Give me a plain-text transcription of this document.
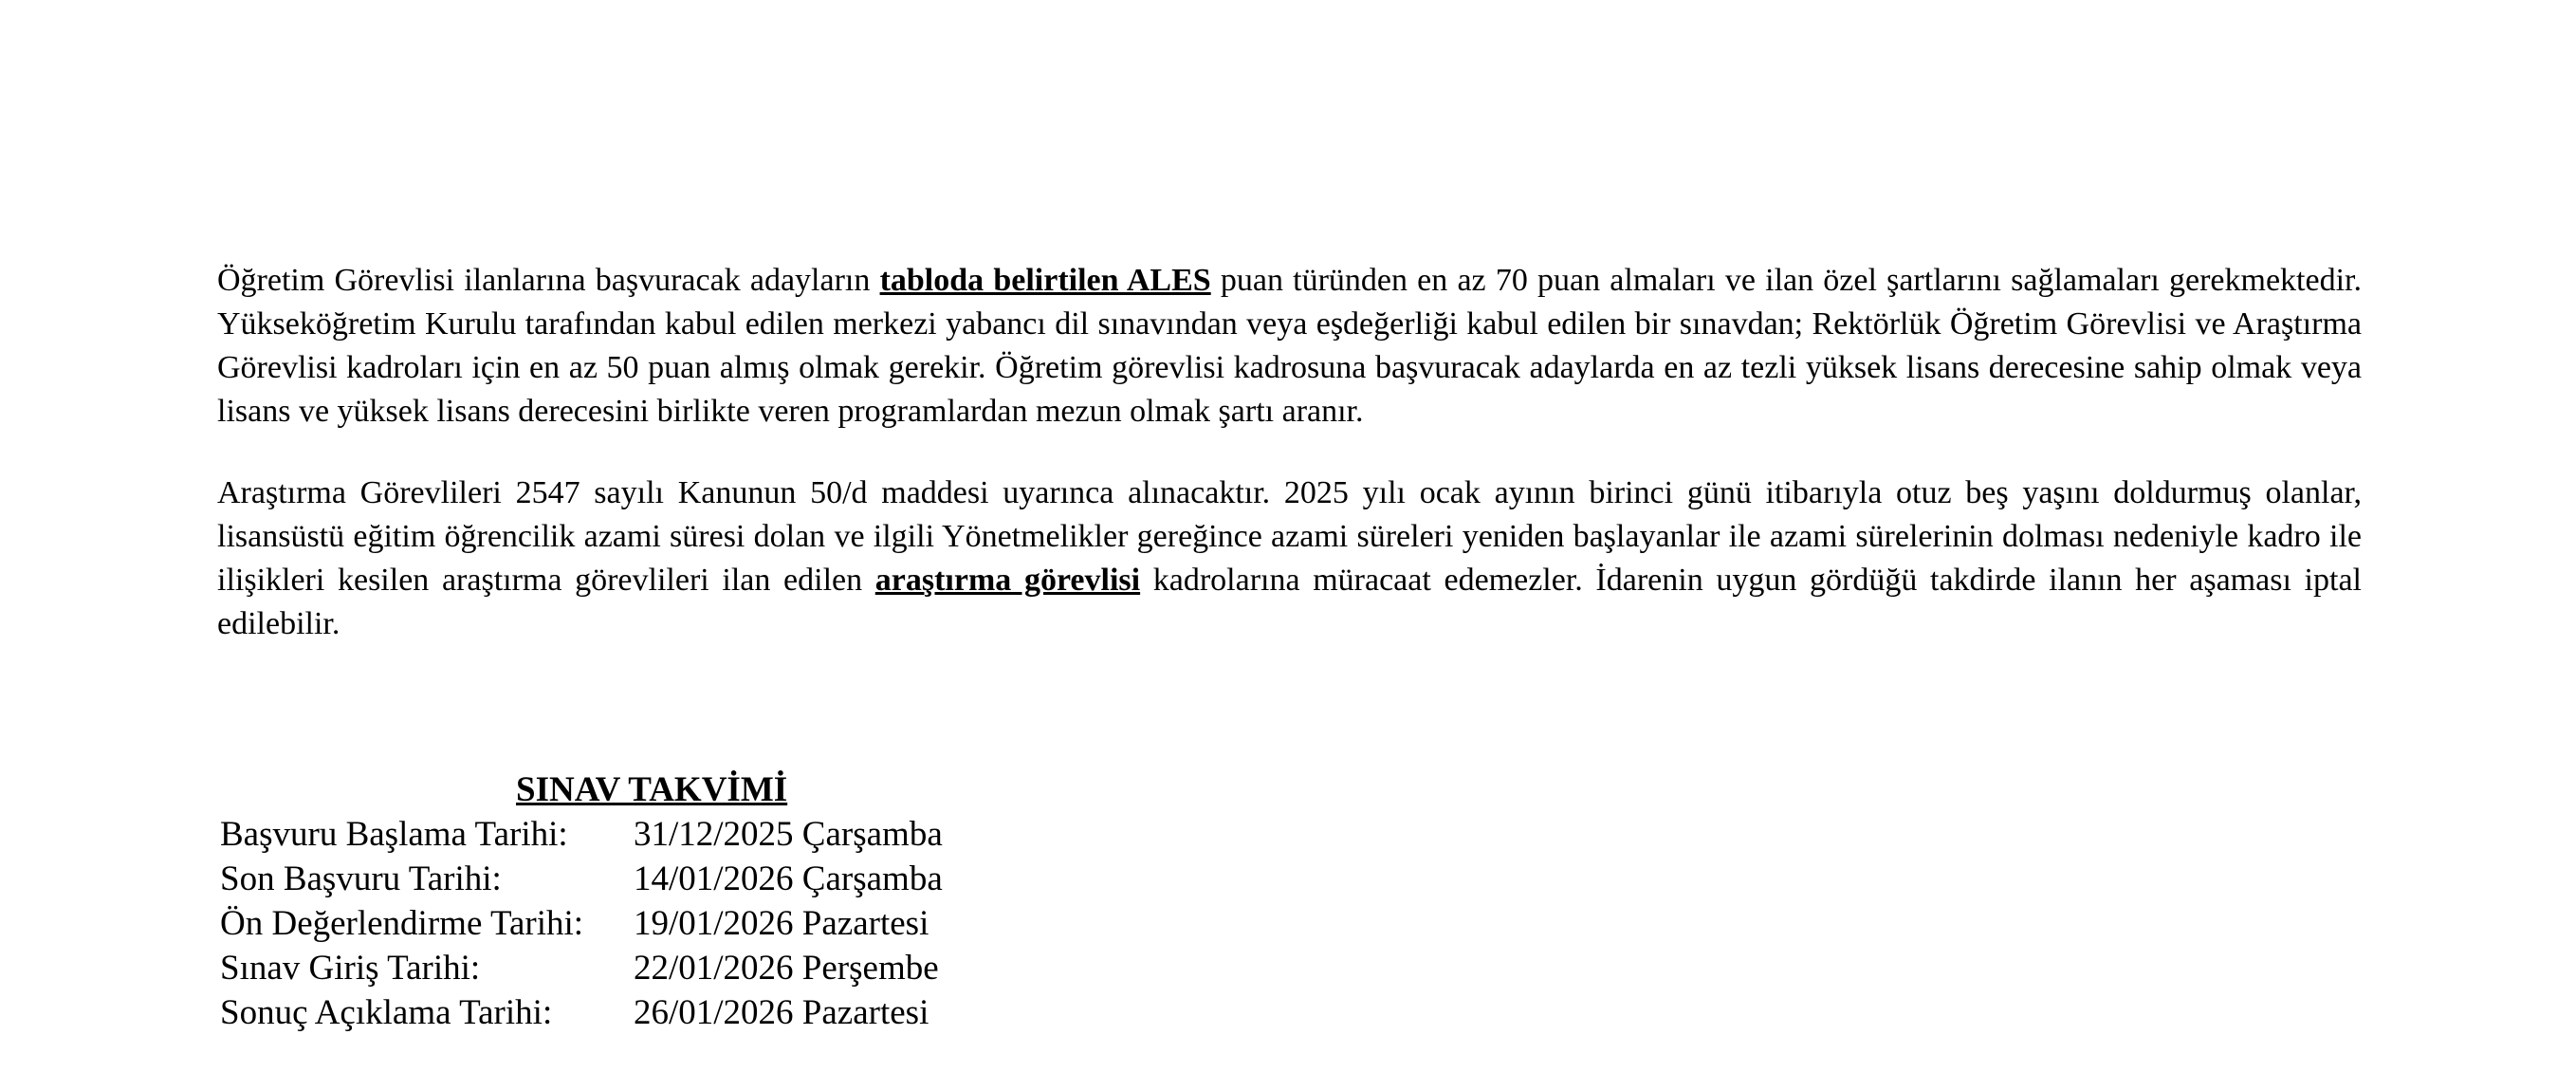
Öğretim Görevlisi ilanlarına başvuracak adayların tabloda belirtilen ALES puan türünden en az 70 puan almaları ve ilan özel şartlarını sağlamaları gerekmektedir. Yükseköğretim Kurulu tarafından kabul edilen merkezi yabancı dil sınavından veya eşdeğerliği kabul edilen bir sınavdan; Rektörlük Öğretim Görevlisi ve Araştırma Görevlisi kadroları için en az 50 puan almış olmak gerekir. Öğretim görevlisi kadrosuna başvuracak adaylarda en az tezli yüksek lisans derecesine sahip olmak veya lisans ve yüksek lisans derecesini birlikte veren programlardan mezun olmak şartı aranır.

Araştırma Görevlileri 2547 sayılı Kanunun 50/d maddesi uyarınca alınacaktır. 2025 yılı ocak ayının birinci günü itibarıyla otuz beş yaşını doldurmuş olanlar, lisansüstü eğitim öğrencilik azami süresi dolan ve ilgili Yönetmelikler gereğince azami süreleri yeniden başlayanlar ile azami sürelerinin dolması nedeniyle kadro ile ilişikleri kesilen araştırma görevlileri ilan edilen araştırma görevlisi kadrolarına müracaat edemezler. İdarenin uygun gördüğü takdirde ilanın her aşaması iptal edilebilir.

SINAV TAKVİMİ
Başvuru Başlama Tarihi:	31/12/2025 Çarşamba
Son Başvuru Tarihi:	14/01/2026 Çarşamba
Ön Değerlendirme Tarihi:	19/01/2026 Pazartesi
Sınav Giriş Tarihi:	22/01/2026 Perşembe
Sonuç Açıklama Tarihi:	26/01/2026 Pazartesi
